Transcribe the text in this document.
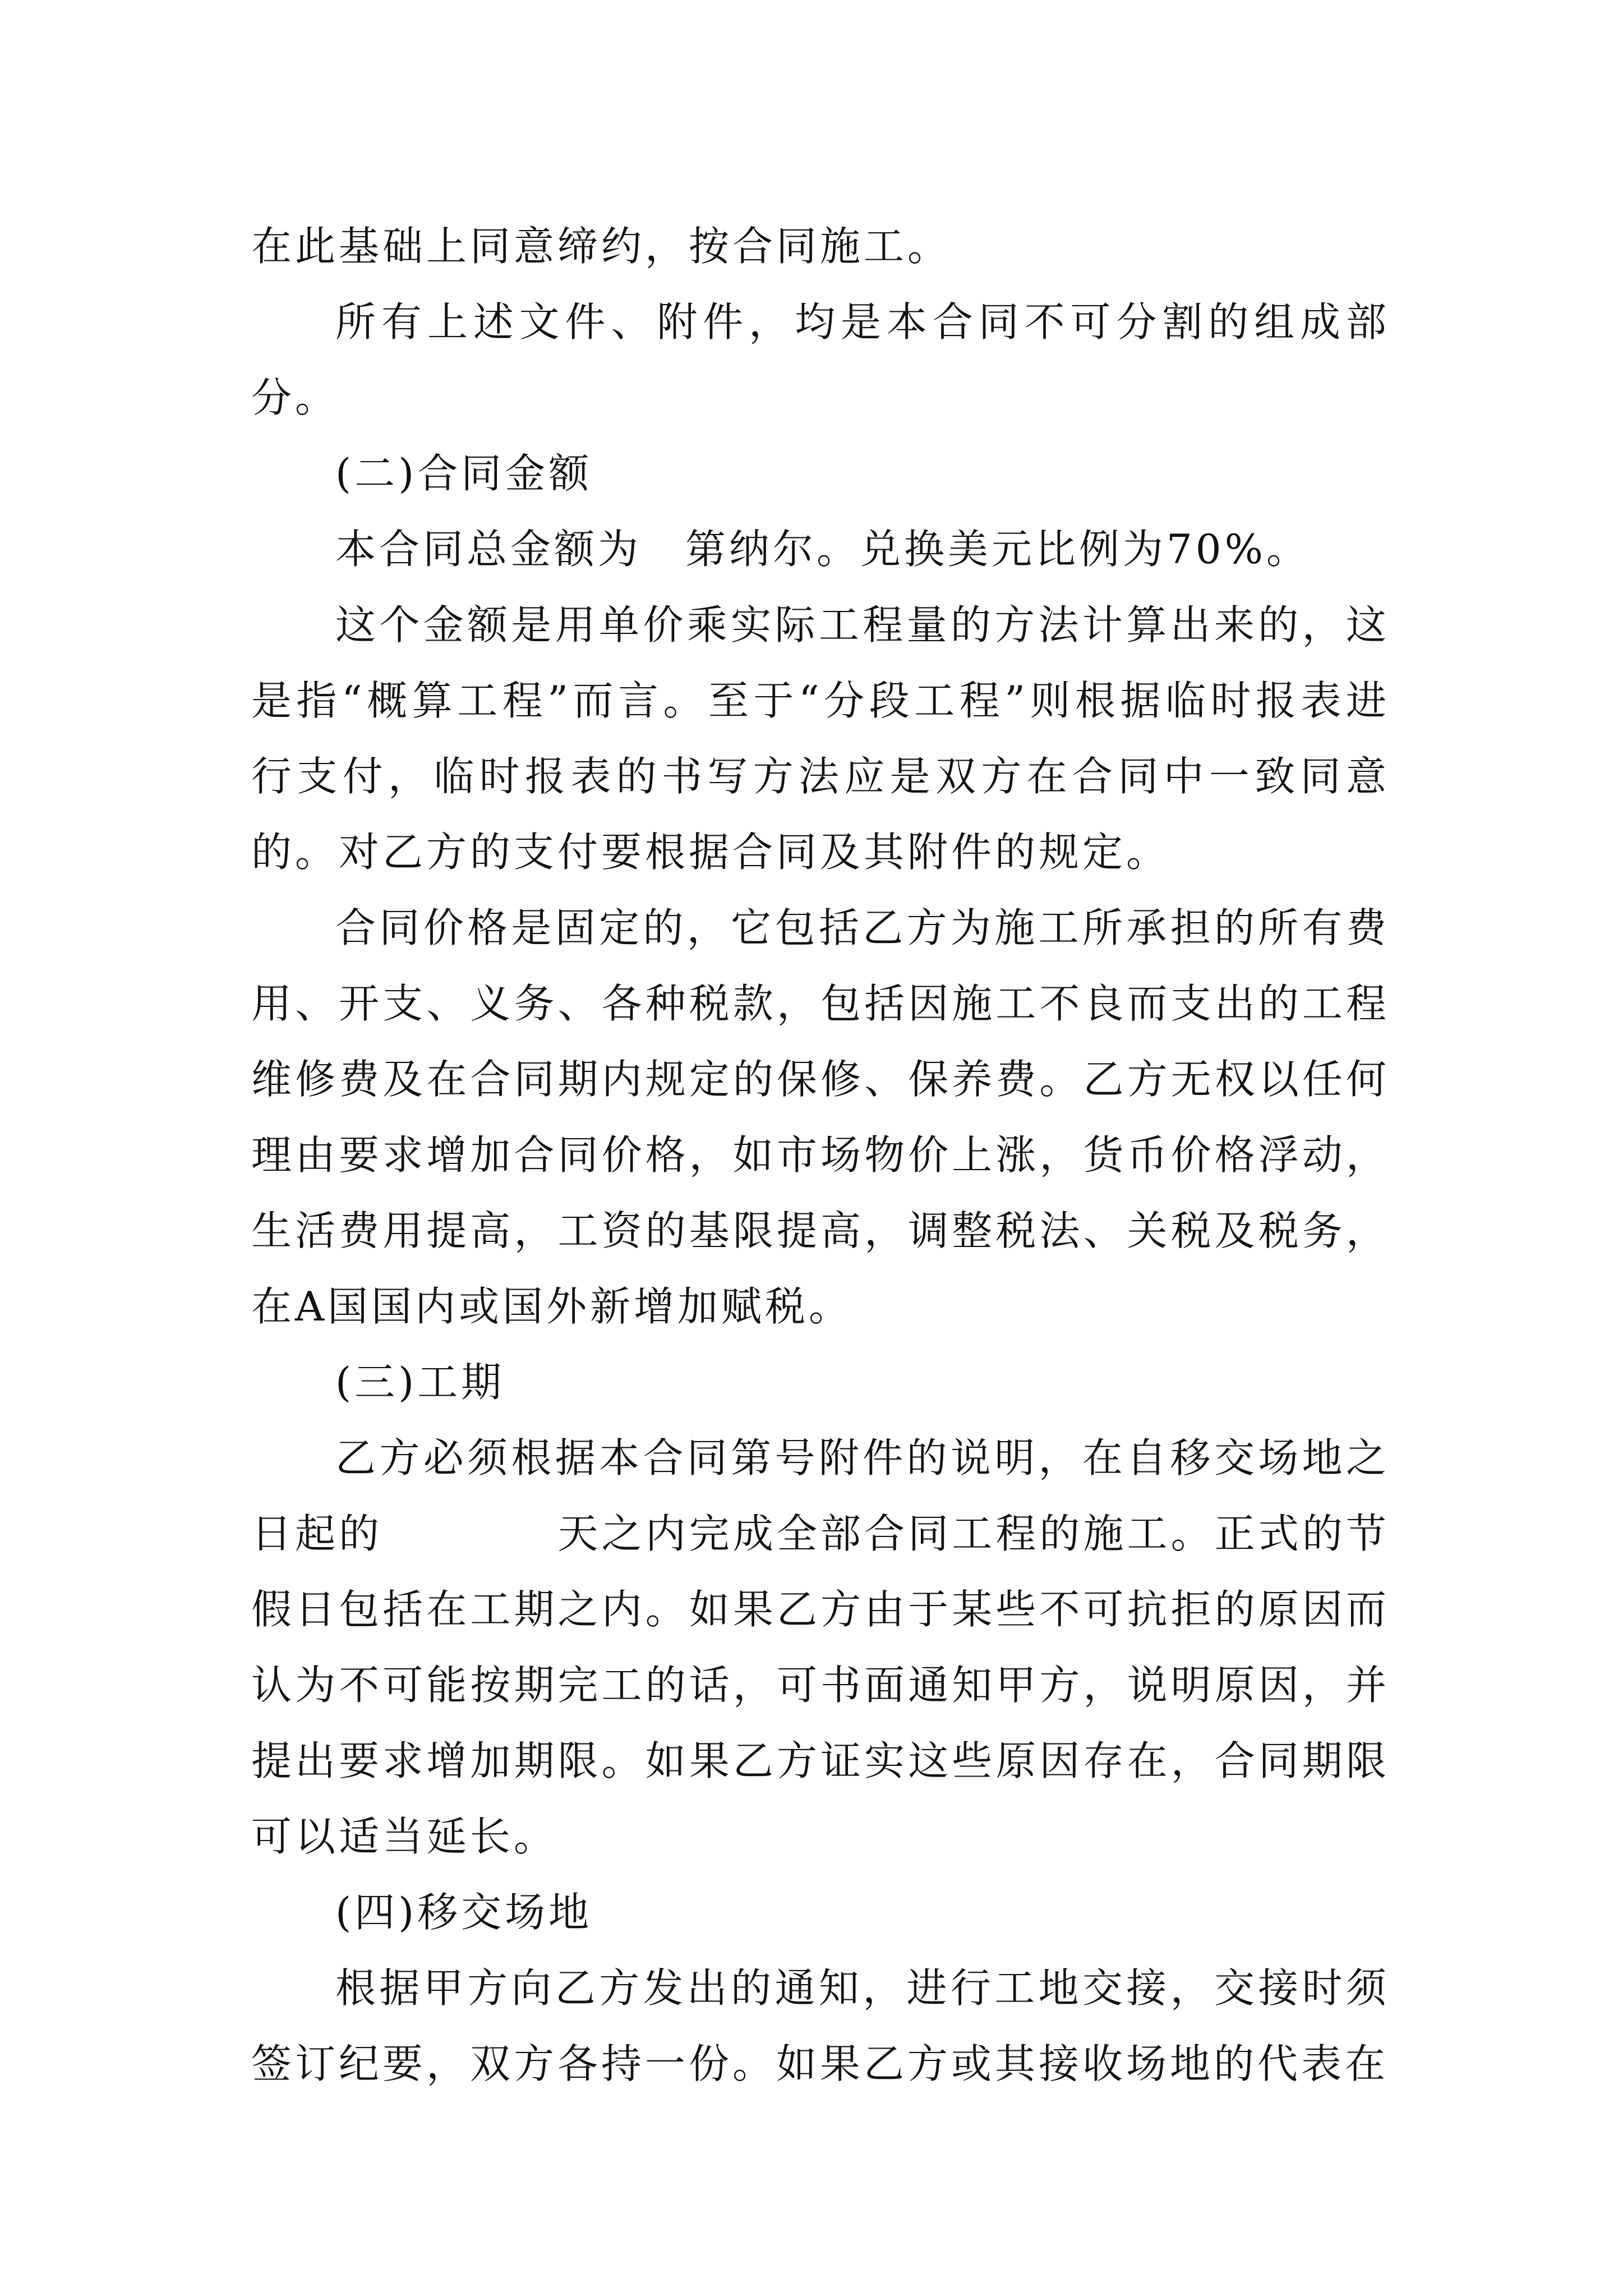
在此基础上同意缔约，按合同施工。

所有上述文件、附件，均是本合同不可分割的组成部分。

(二)合同金额

本合同总金额为　第纳尔。兑换美元比例为70%。

这个金额是用单价乘实际工程量的方法计算出来的，这是指“概算工程”而言。至于“分段工程”则根据临时报表进行支付，临时报表的书写方法应是双方在合同中一致同意的。对乙方的支付要根据合同及其附件的规定。

合同价格是固定的，它包括乙方为施工所承担的所有费用、开支、义务、各种税款，包括因施工不良而支出的工程维修费及在合同期内规定的保修、保养费。乙方无权以任何理由要求增加合同价格，如市场物价上涨，货币价格浮动，生活费用提高，工资的基限提高，调整税法、关税及税务，在A国国内或国外新增加赋税。

(三)工期

乙方必须根据本合同第号附件的说明，在自移交场地之日起的　　　　天之内完成全部合同工程的施工。正式的节假日包括在工期之内。如果乙方由于某些不可抗拒的原因而认为不可能按期完工的话，可书面通知甲方，说明原因，并提出要求增加期限。如果乙方证实这些原因存在，合同期限可以适当延长。

(四)移交场地

根据甲方向乙方发出的通知，进行工地交接，交接时须签订纪要，双方各持一份。如果乙方或其接收场地的代表在
